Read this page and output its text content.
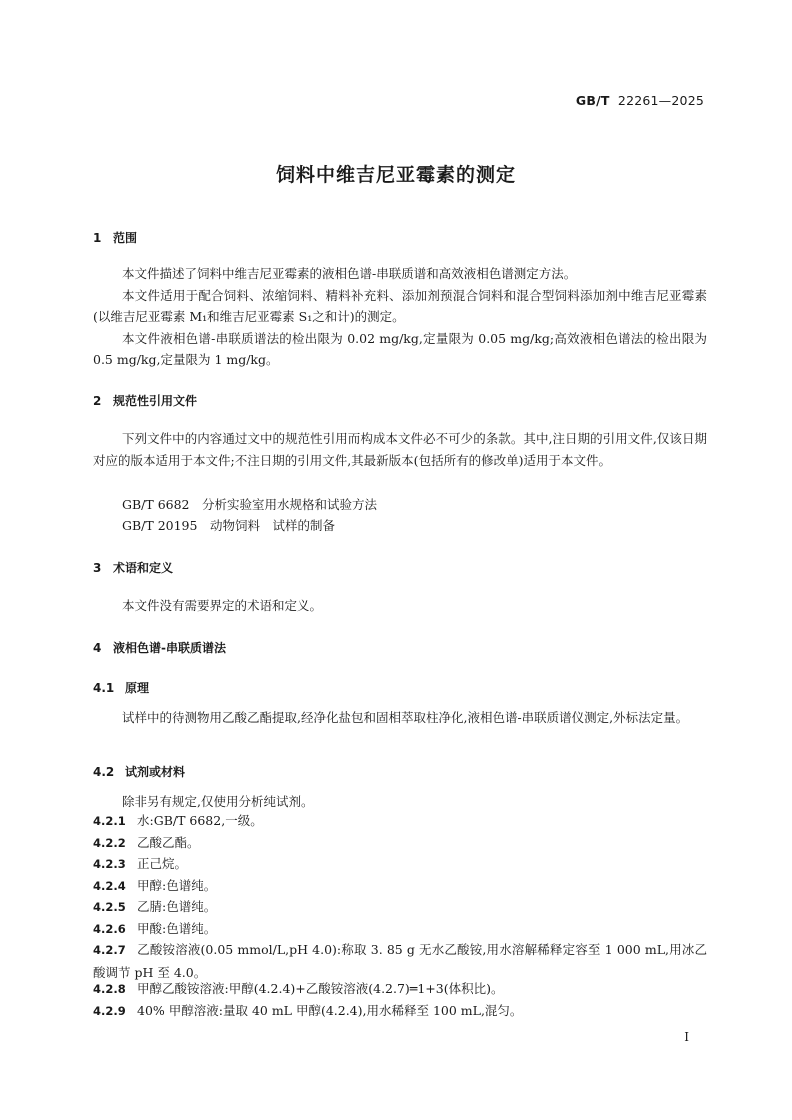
GB/T 22261—2025
饲料中维吉尼亚霉素的测定
1 范围
本文件描述了饲料中维吉尼亚霉素的液相色谱-串联质谱和高效液相色谱测定方法。
本文件适用于配合饲料、浓缩饲料、精料补充料、添加剂预混合饲料和混合型饲料添加剂中维吉尼亚霉素(以维吉尼亚霉素 M₁和维吉尼亚霉素 S₁之和计)的测定。
本文件液相色谱-串联质谱法的检出限为 0.02 mg/kg,定量限为 0.05 mg/kg;高效液相色谱法的检出限为 0.5 mg/kg,定量限为 1 mg/kg。
2 规范性引用文件
下列文件中的内容通过文中的规范性引用而构成本文件必不可少的条款。其中,注日期的引用文件,仅该日期对应的版本适用于本文件;不注日期的引用文件,其最新版本(包括所有的修改单)适用于本文件。
GB/T 6682　分析实验室用水规格和试验方法
GB/T 20195　动物饲料　试样的制备
3 术语和定义
本文件没有需要界定的术语和定义。
4 液相色谱-串联质谱法
4.1 原理
试样中的待测物用乙酸乙酯提取,经净化盐包和固相萃取柱净化,液相色谱-串联质谱仪测定,外标法定量。
4.2 试剂或材料
除非另有规定,仅使用分析纯试剂。
4.2.1 水:GB/T 6682,一级。
4.2.2 乙酸乙酯。
4.2.3 正己烷。
4.2.4 甲醇:色谱纯。
4.2.5 乙腈:色谱纯。
4.2.6 甲酸:色谱纯。
4.2.7 乙酸铵溶液(0.05 mmol/L,pH 4.0):称取 3. 85 g 无水乙酸铵,用水溶解稀释定容至 1 000 mL,用冰乙酸调节 pH 至 4.0。
4.2.8 甲醇乙酸铵溶液:甲醇(4.2.4)+乙酸铵溶液(4.2.7)═1+3(体积比)。
4.2.9 40% 甲醇溶液:量取 40 mL 甲醇(4.2.4),用水稀释至 100 mL,混匀。
I
